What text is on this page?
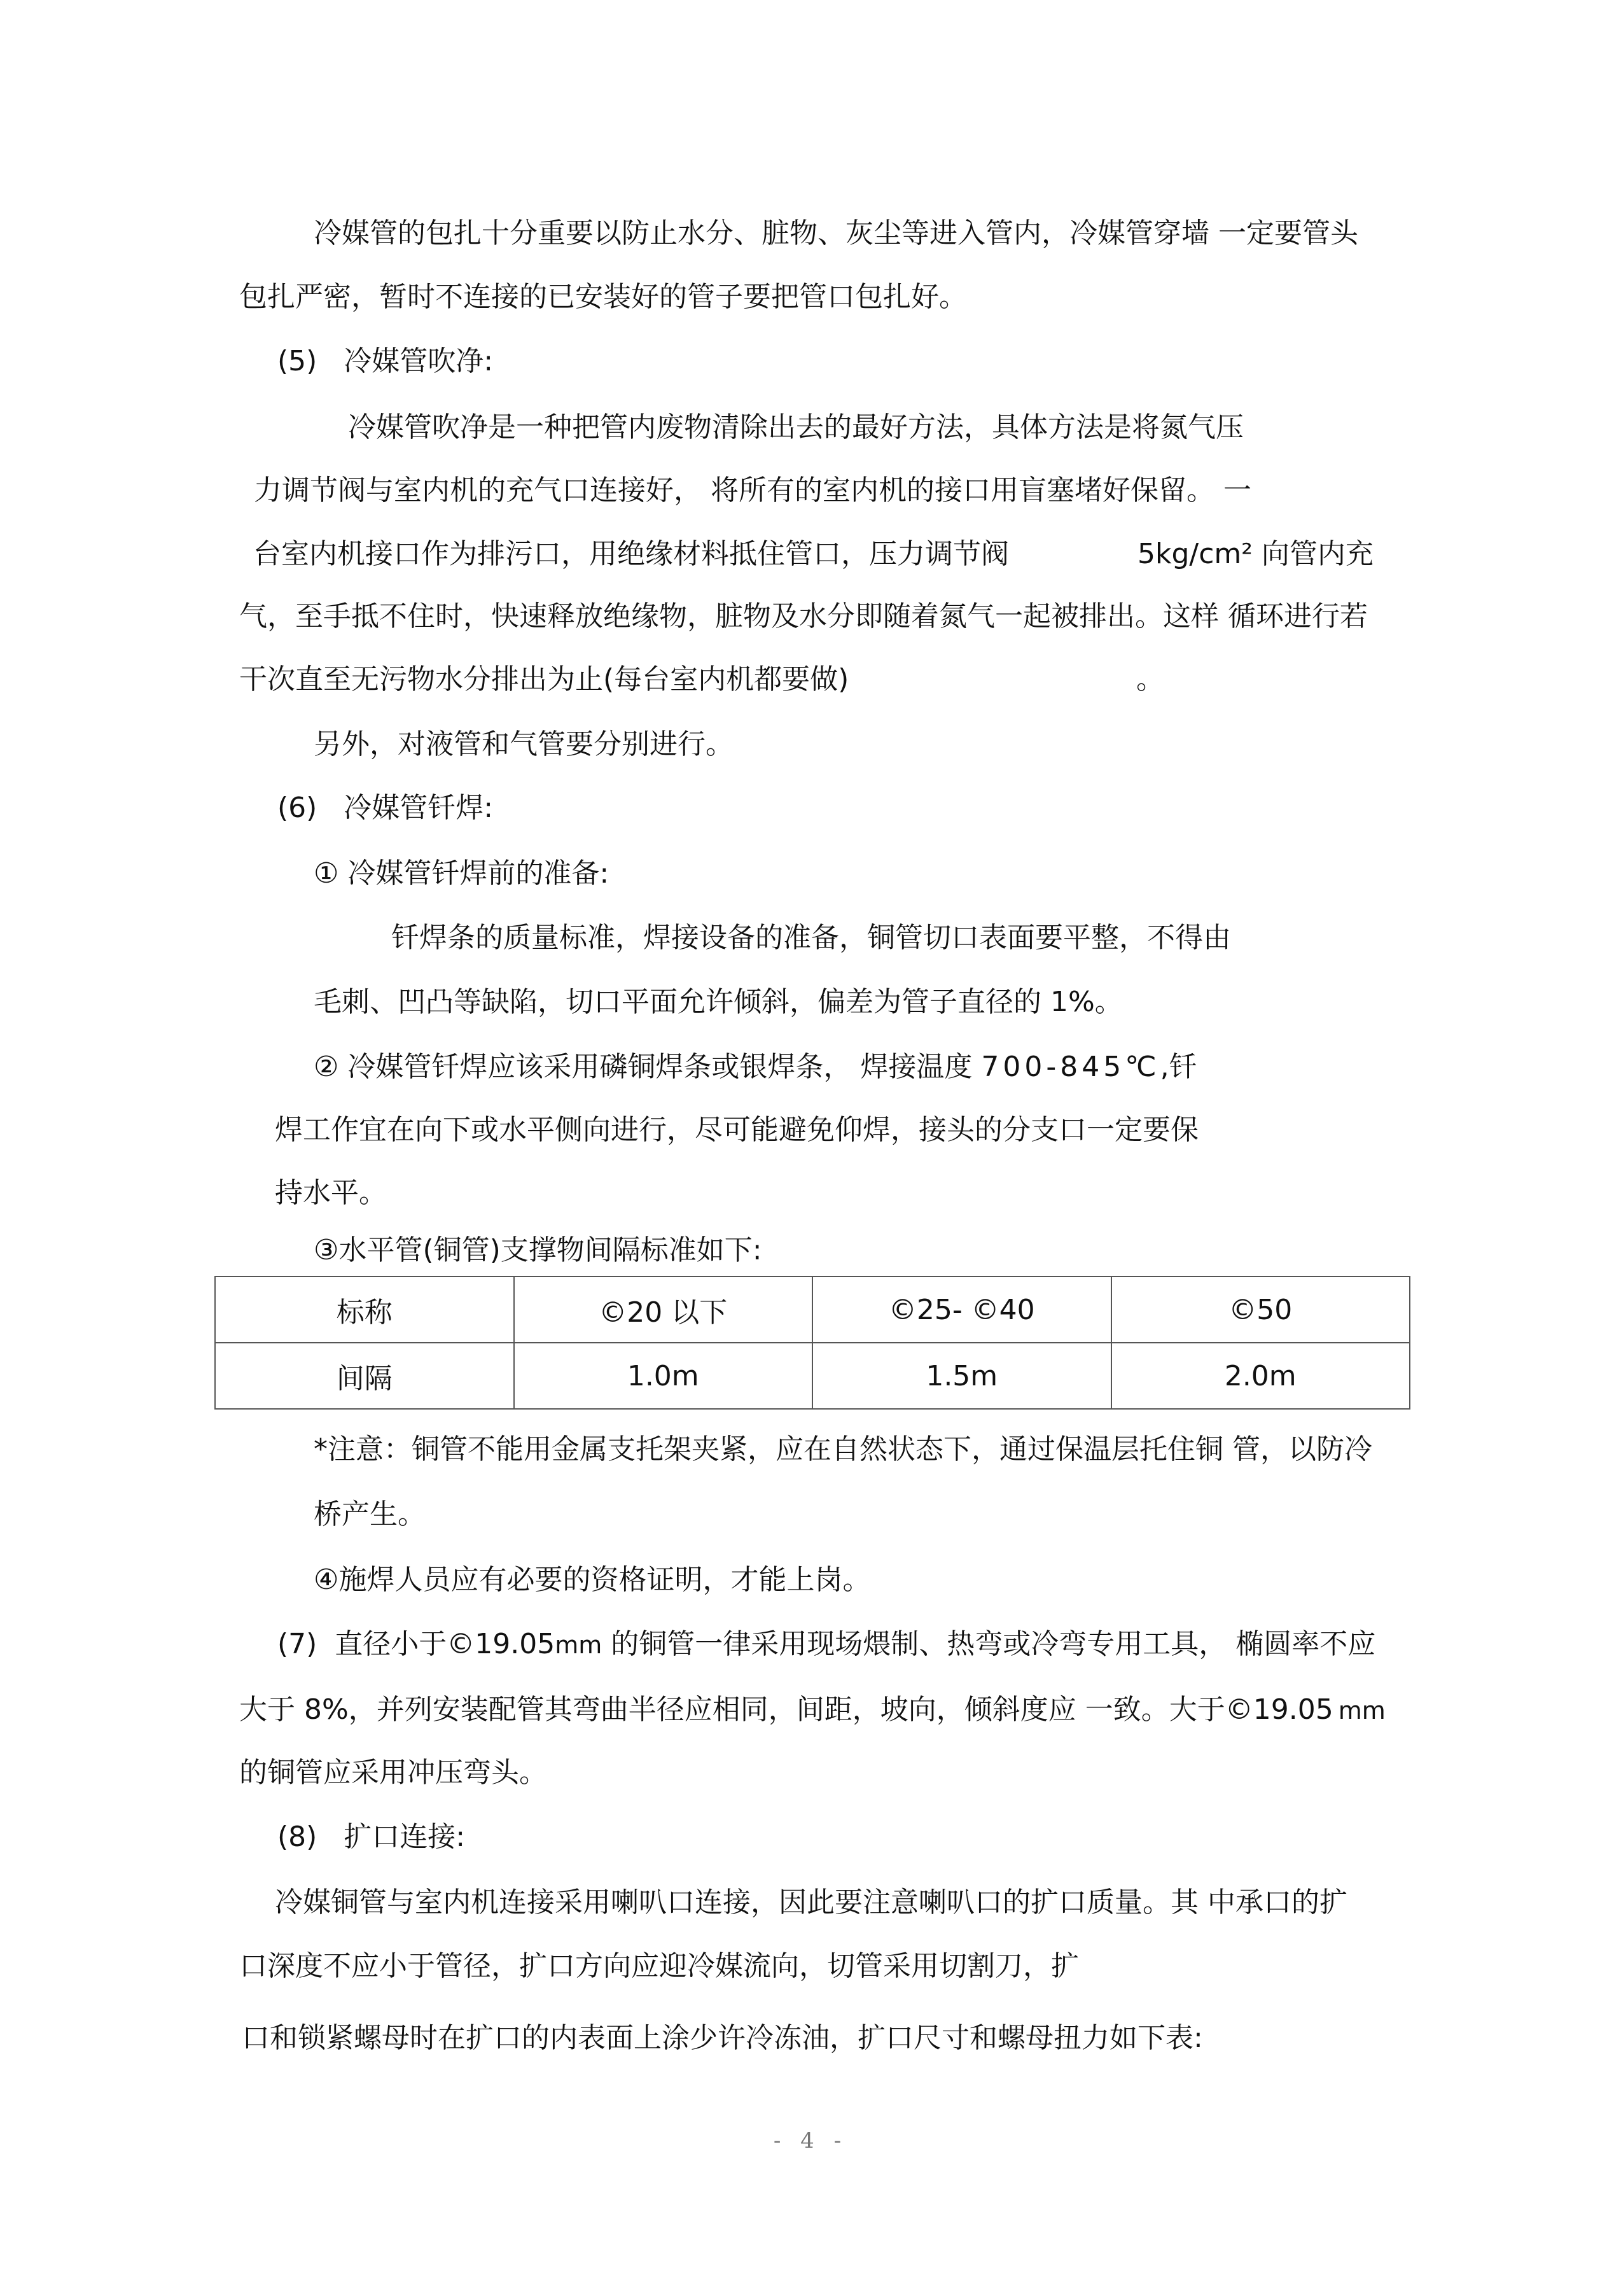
冷媒管的包扎十分重要以防止水分、脏物、灰尘等进入管内，冷媒管穿墙 一定要管头
包扎严密，暂时不连接的已安装好的管子要把管口包扎好。
(5) 冷媒管吹净:
冷媒管吹净是一种把管内废物清除出去的最好方法，具体方法是将氮气压
力调节阀与室内机的充气口连接好， 将所有的室内机的接口用盲塞堵好保留。 一
台室内机接口作为排污口，用绝缘材料抵住管口，压力调节阀	5kg/cm² 向管内充
气，至手抵不住时，快速释放绝缘物，脏物及水分即随着氮气一起被排出。这样 循环进行若
干次直至无污物水分排出为止(每台室内机都要做)	。
另外，对液管和气管要分别进行。
(6) 冷媒管钎焊:
① 冷媒管钎焊前的准备:
钎焊条的质量标准，焊接设备的准备，铜管切口表面要平整，不得由
毛刺、凹凸等缺陷，切口平面允许倾斜，偏差为管子直径的 1%。
② 冷媒管钎焊应该采用磷铜焊条或银焊条， 焊接温度 700-845℃,钎
焊工作宜在向下或水平侧向进行，尽可能避免仰焊，接头的分支口一定要保
持水平。
③水平管(铜管)支撑物间隔标准如下:
标称	©20 以下	©25- ©40	©50
间隔	1.0m	1.5m	2.0m
*注意：铜管不能用金属支托架夹紧，应在自然状态下，通过保温层托住铜 管，以防冷
桥产生。
④施焊人员应有必要的资格证明，才能上岗。
(7)  直径小于©19.05mm 的铜管一律采用现场煨制、热弯或冷弯专用工具， 椭圆率不应
大于 8%，并列安装配管其弯曲半径应相同，间距，坡向，倾斜度应 一致。大于©19.05 mm
的铜管应采用冲压弯头。
(8) 扩口连接:
冷媒铜管与室内机连接采用喇叭口连接，因此要注意喇叭口的扩口质量。其 中承口的扩
口深度不应小于管径，扩口方向应迎冷媒流向，切管采用切割刀，扩
口和锁紧螺母时在扩口的内表面上涂少许冷冻油，扩口尺寸和螺母扭力如下表:
- 4 -
